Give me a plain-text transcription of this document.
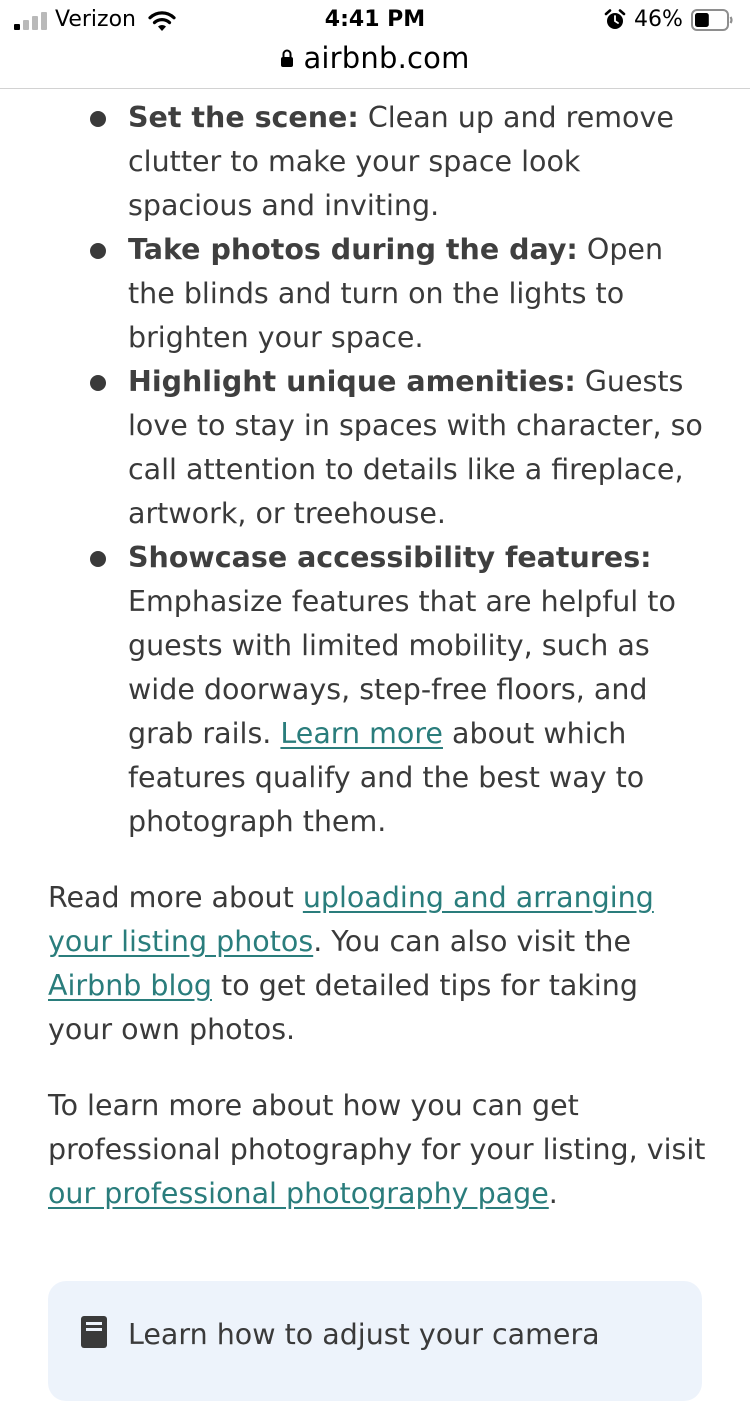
Verizon	4:41 PM	46%
airbnb.com
Set the scene: Clean up and remove clutter to make your space look spacious and inviting.
Take photos during the day: Open the blinds and turn on the lights to brighten your space.
Highlight unique amenities: Guests love to stay in spaces with character, so call attention to details like a fireplace, artwork, or treehouse.
Showcase accessibility features: Emphasize features that are helpful to guests with limited mobility, such as wide doorways, step-free floors, and grab rails. Learn more about which features qualify and the best way to photograph them.

Read more about uploading and arranging your listing photos. You can also visit the Airbnb blog to get detailed tips for taking your own photos.

To learn more about how you can get professional photography for your listing, visit our professional photography page.

Learn how to adjust your camera
